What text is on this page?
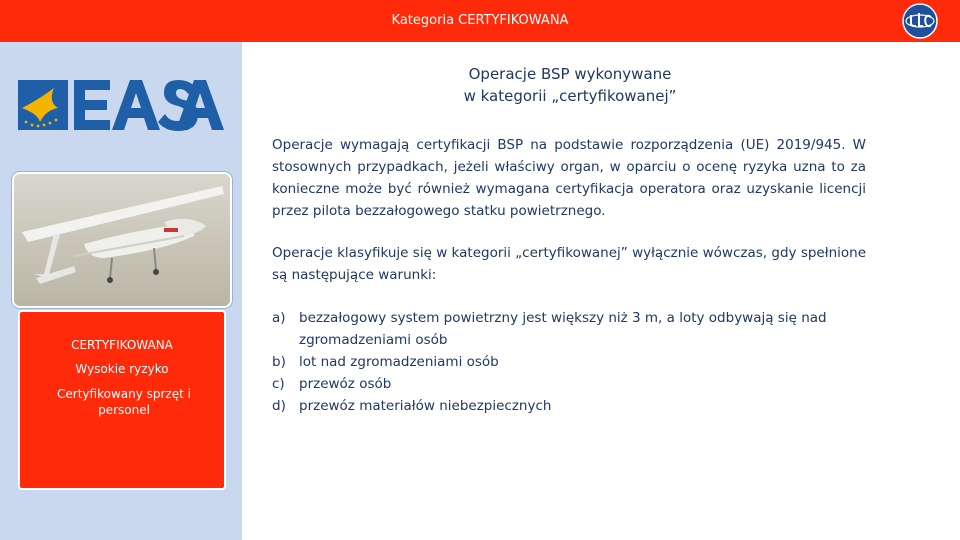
Kategoria CERTYFIKOWANA
CERTYFIKOWANA
Wysokie ryzyko
Certyfikowany sprzęt i personel
Operacje BSP wykonywane
w kategorii „certyfikowanej”
Operacje wymagają certyfikacji BSP na podstawie rozporządzenia (UE) 2019/945. W stosownych przypadkach, jeżeli właściwy organ, w oparciu o ocenę ryzyka uzna to za konieczne może być również wymagana certyfikacja operatora oraz uzyskanie licencji przez pilota bezzałogowego statku powietrznego.
Operacje klasyfikuje się w kategorii „certyfikowanej” wyłącznie wówczas, gdy spełnione są następujące warunki:
a) bezzałogowy system powietrzny jest większy niż 3 m, a loty odbywają się nad zgromadzeniami osób
b) lot nad zgromadzeniami osób
c)	przewóz osób
d) przewóz materiałów niebezpiecznych
